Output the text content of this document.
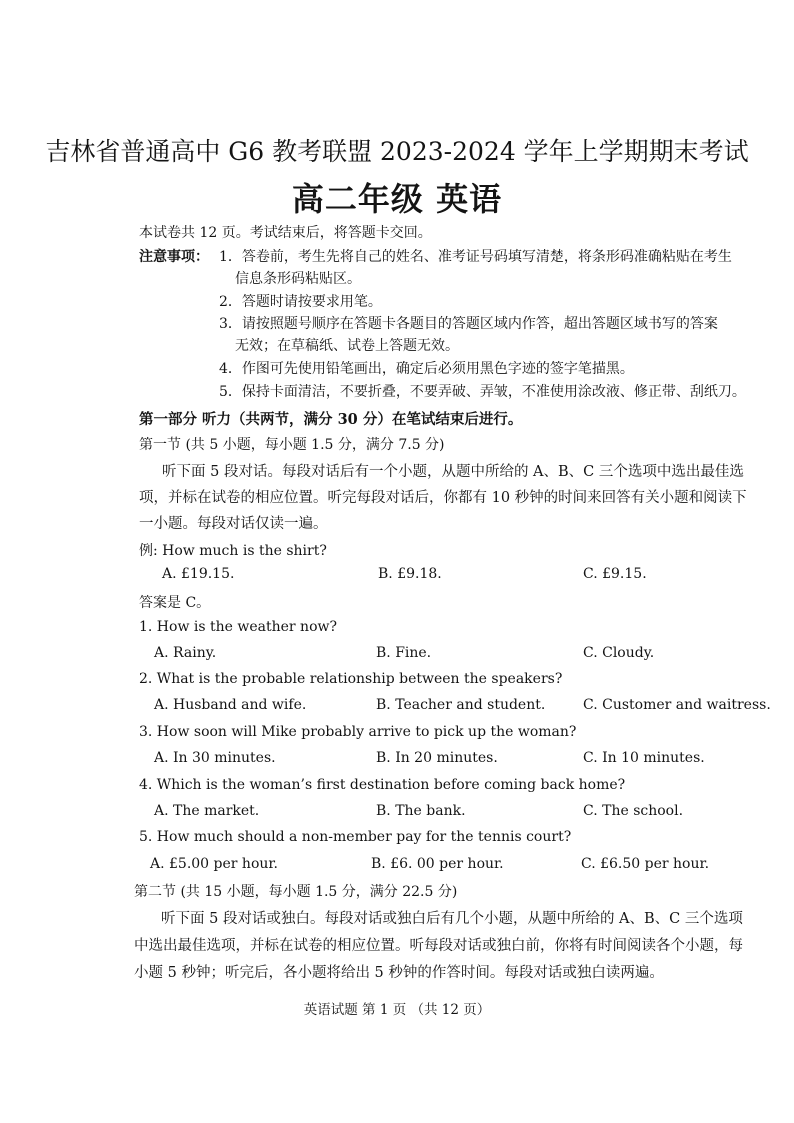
吉林省普通高中 G6 教考联盟 2023-2024 学年上学期期末考试
高二年级 英语
本试卷共 12 页。考试结束后，将答题卡交回。
注意事项： 1．答卷前，考生先将自己的姓名、准考证号码填写清楚，将条形码准确粘贴在考生
信息条形码粘贴区。
2．答题时请按要求用笔。
3．请按照题号顺序在答题卡各题目的答题区域内作答，超出答题区域书写的答案
无效；在草稿纸、试卷上答题无效。
4．作图可先使用铅笔画出，确定后必须用黑色字迹的签字笔描黑。
5．保持卡面清洁，不要折叠，不要弄破、弄皱，不准使用涂改液、修正带、刮纸刀。
第一部分 听力（共两节，满分 30 分）在笔试结束后进行。
第一节 (共 5 小题，每小题 1.5 分，满分 7.5 分)
听下面 5 段对话。每段对话后有一个小题，从题中所给的 A、B、C 三个选项中选出最佳选
项，并标在试卷的相应位置。听完每段对话后，你都有 10 秒钟的时间来回答有关小题和阅读下
一小题。每段对话仅读一遍。
例: How much is the shirt?
A. £19.15.	B. £9.18.	C. £9.15.
答案是 C。
1. How is the weather now?
A. Rainy.	B. Fine.	C. Cloudy.
2. What is the probable relationship between the speakers?
A. Husband and wife.	B. Teacher and student.	C. Customer and waitress.
3. How soon will Mike probably arrive to pick up the woman?
A. In 30 minutes.	B. In 20 minutes.	C. In 10 minutes.
4. Which is the woman’s first destination before coming back home?
A. The market.	B. The bank.	C. The school.
5. How much should a non-member pay for the tennis court?
A. £5.00 per hour.	B. £6. 00 per hour.	C. £6.50 per hour.
第二节 (共 15 小题，每小题 1.5 分，满分 22.5 分)
听下面 5 段对话或独白。每段对话或独白后有几个小题，从题中所给的 A、B、C 三个选项
中选出最佳选项，并标在试卷的相应位置。听每段对话或独白前，你将有时间阅读各个小题，每
小题 5 秒钟；听完后，各小题将给出 5 秒钟的作答时间。每段对话或独白读两遍。
英语试题 第 1 页 （共 12 页）
